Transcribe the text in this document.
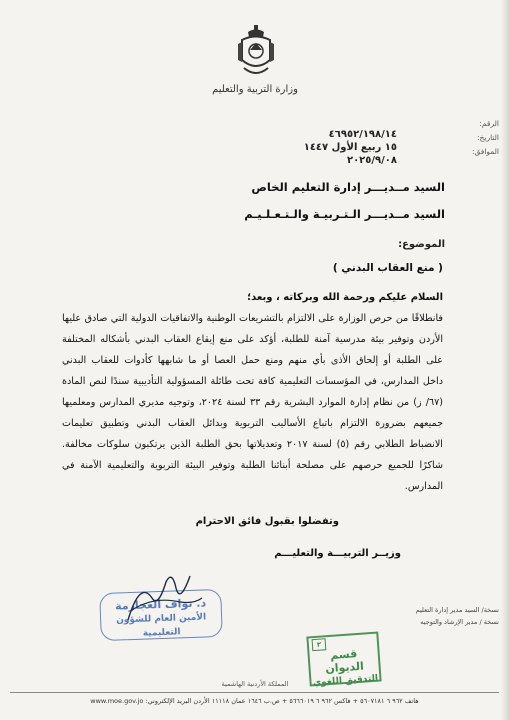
وزارة التربية والتعليم
الرقم:
التاريخ:
الموافق:
٤٦٩٥٢/١٩٨/١٤
١٥ ربيع الأول ١٤٤٧
٢٠٢٥/٩/٠٨
السيد مــديـــر إدارة التعليم الخاص
السيد مــديـــر الـتـربيـة والـتـعـلـيـم
الموضوع:
( منع العقاب البدني )
السلام عليكم ورحمة الله وبركاته ، وبعد؛
فانطلاقًا من حرص الوزارة على الالتزام بالتشريعات الوطنية والاتفاقيات الدولية التي صادق عليها
الأردن وتوفير بيئة مدرسية آمنة للطلبة، أؤكد على منع إيقاع العقاب البدني بأشكاله المختلفة
على الطلبة أو إلحاق الأذى بأي منهم ومنع حمل العصا أو ما شابهها كأدوات للعقاب البدني
داخل المدارس، في المؤسسات التعليمية كافة تحت طائلة المسؤولية التأديبية سندًا لنص المادة
(٦٧/ ز) من نظام إدارة الموارد البشرية رقم ٣٣ لسنة ٢٠٢٤، وتوجيه مديري المدارس ومعلميها
جميعهم بضرورة الالتزام باتباع الأساليب التربوية وبدائل العقاب البدني وتطبيق تعليمات
الانضباط الطلابي رقم (٥) لسنة ٢٠١٧ وتعديلاتها بحق الطلبة الذين يرتكبون سلوكات مخالفة.
شاكرًا للجميع حرصهم على مصلحة أبنائنا الطلبة وتوفير البيئة التربوية والتعليمية الآمنة في
المدارس.
وتفضلوا بقبول فائق الاحترام
وزيــر التربيـــة والتعليـــم
د. نواف العجارمة
الأمين العام للشؤون التعليمية
نسخة/ السيد مدير إدارة التعليم
نسخة / مدير الإرشاد والتوجيه
٢
قسم الديوان
التدقيق اللغوي
المملكة الأردنية الهاشمية
هاتف ٩٦٢ ٦ ٥٦٠٧١٨١ + فاكس ٩٦٢ ٦ ٥٦٦٦٠١٩ + ص.ب ١٦٤٦ عمان ١١١١٨ الأردن البريد الإلكتروني: www.moe.gov.jo
